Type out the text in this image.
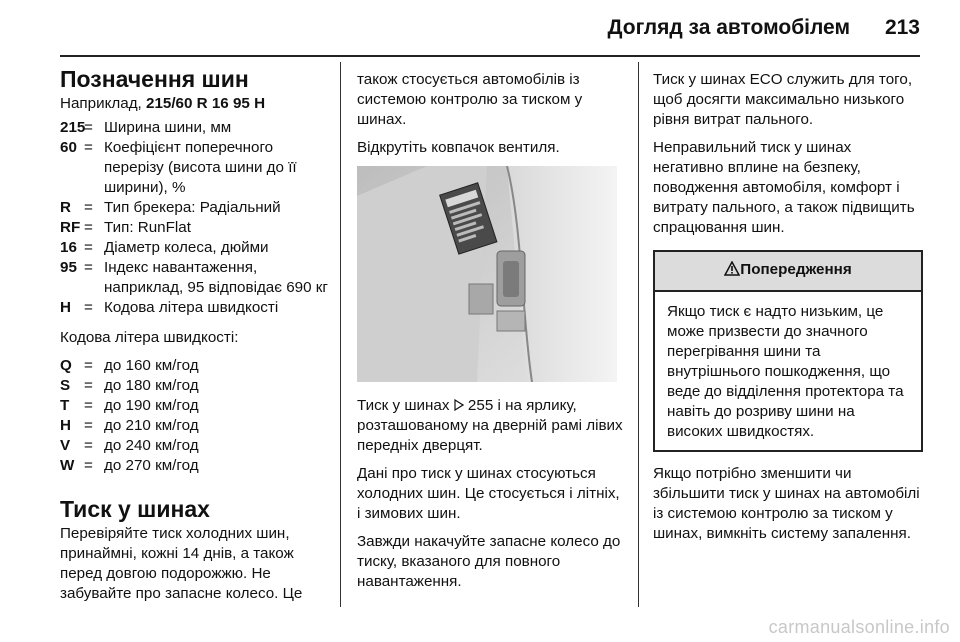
Догляд за автомобілем 213
Позначення шин

Наприклад, 215/60 R 16 95 H

215
= Ширина шини, мм
60 = Коефіцієнт поперечного перерізу (висота шини до її ширини), %
R = Тип брекера: Радіальний
RF = Тип: RunFlat
16 = Діаметр колеса, дюйми
95 = Індекс навантаження, наприклад, 95 відповідає 690 кг
H = Кодова літера швидкості

Кодова літера швидкості:

Q = до 160 км/год
S = до 180 км/год
T = до 190 км/год
H = до 210 км/год
V = до 240 км/год
W = до 270 км/год
Тиск у шинах

Перевіряйте тиск холодних шин, принаймні, кожні 14 днів, а також перед довгою подорожжю. Не забувайте про запасне колесо. Це

також стосується автомобілів із системою контролю за тиском у шинах.

Відкрутіть ковпачок вентиля.

Тиск у шинах  255 і на ярлику, розташованому на дверній рамі лівих передніх дверцят.

Дані про тиск у шинах стосуються холодних шин. Це стосується і літніх, і зимових шин.

Завжди накачуйте запасне колесо до тиску, вказаного для повного навантаження.

Тиск у шинах ECO служить для того, щоб досягти максимально низького рівня витрат пального.

Неправильний тиск у шинах негативно вплине на безпеку, поводження автомобіля, комфорт і витрату пального, а також підвищить спрацювання шин.

Попередження
Якщо тиск є надто низьким, це може призвести до значного перегрівання шини та внутрішнього пошкодження, що веде до відділення протектора та навіть до розриву шини на високих швидкостях.

Якщо потрібно зменшити чи збільшити тиск у шинах на автомобілі із системою контролю за тиском у шинах, вимкніть систему запалення.

carmanualsonline.info
